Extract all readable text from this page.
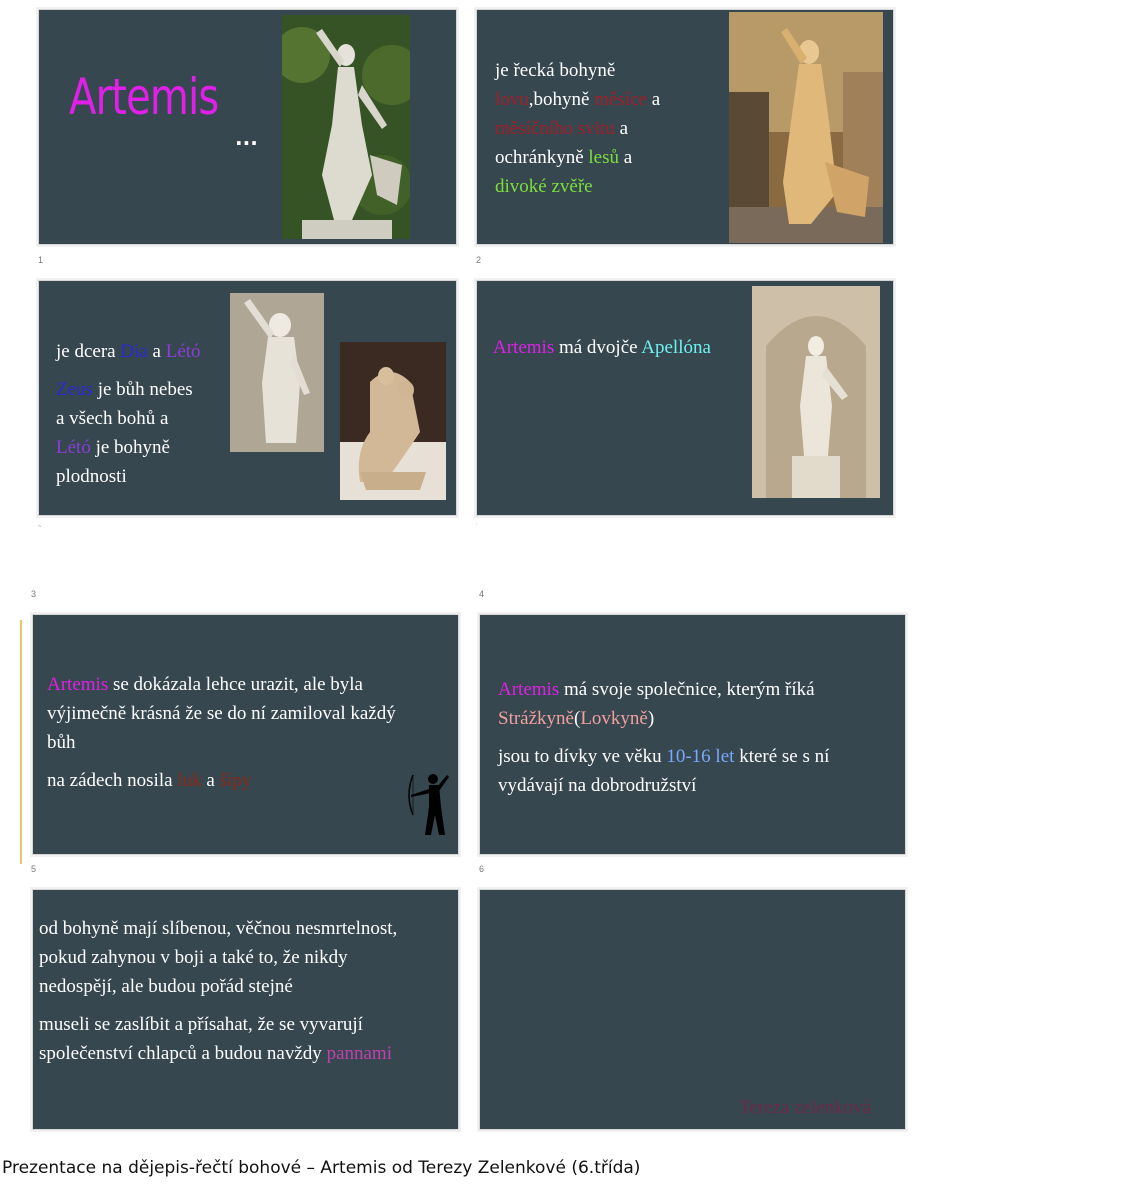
Artemis
...
1

je řecká bohyně

lovu,bohyně měsíce a

měsíčního svitu a

ochránkyně lesů a

divoké zvěře

2

je dcera Dia a Létó

Zeus je bůh nebes

a všech bohů a

Létó je bohyně

plodnosti

~

Artemis má dvojče Apellóna

˙
3	4

Artemis se dokázala lehce urazit, ale byla výjimečně krásná že se do ní zamiloval každý bůh

na zádech nosila luk a šípy

5

Artemis má svoje společnice, kterým říká Strážkyně(Lovkyně)

jsou to dívky ve věku 10-16 let které se s ní vydávají na dobrodružství

6

od bohyně mají slíbenou, věčnou nesmrtelnost, pokud zahynou v boji a také to, že nikdy nedospějí, ale budou pořád stejné

museli se zaslíbit a přísahat, že se vyvarují společenství chlapců a budou navždy pannami

Tereza zelenková
Prezentace na dějepis-řečtí bohové – Artemis od Terezy Zelenkové (6.třída)
